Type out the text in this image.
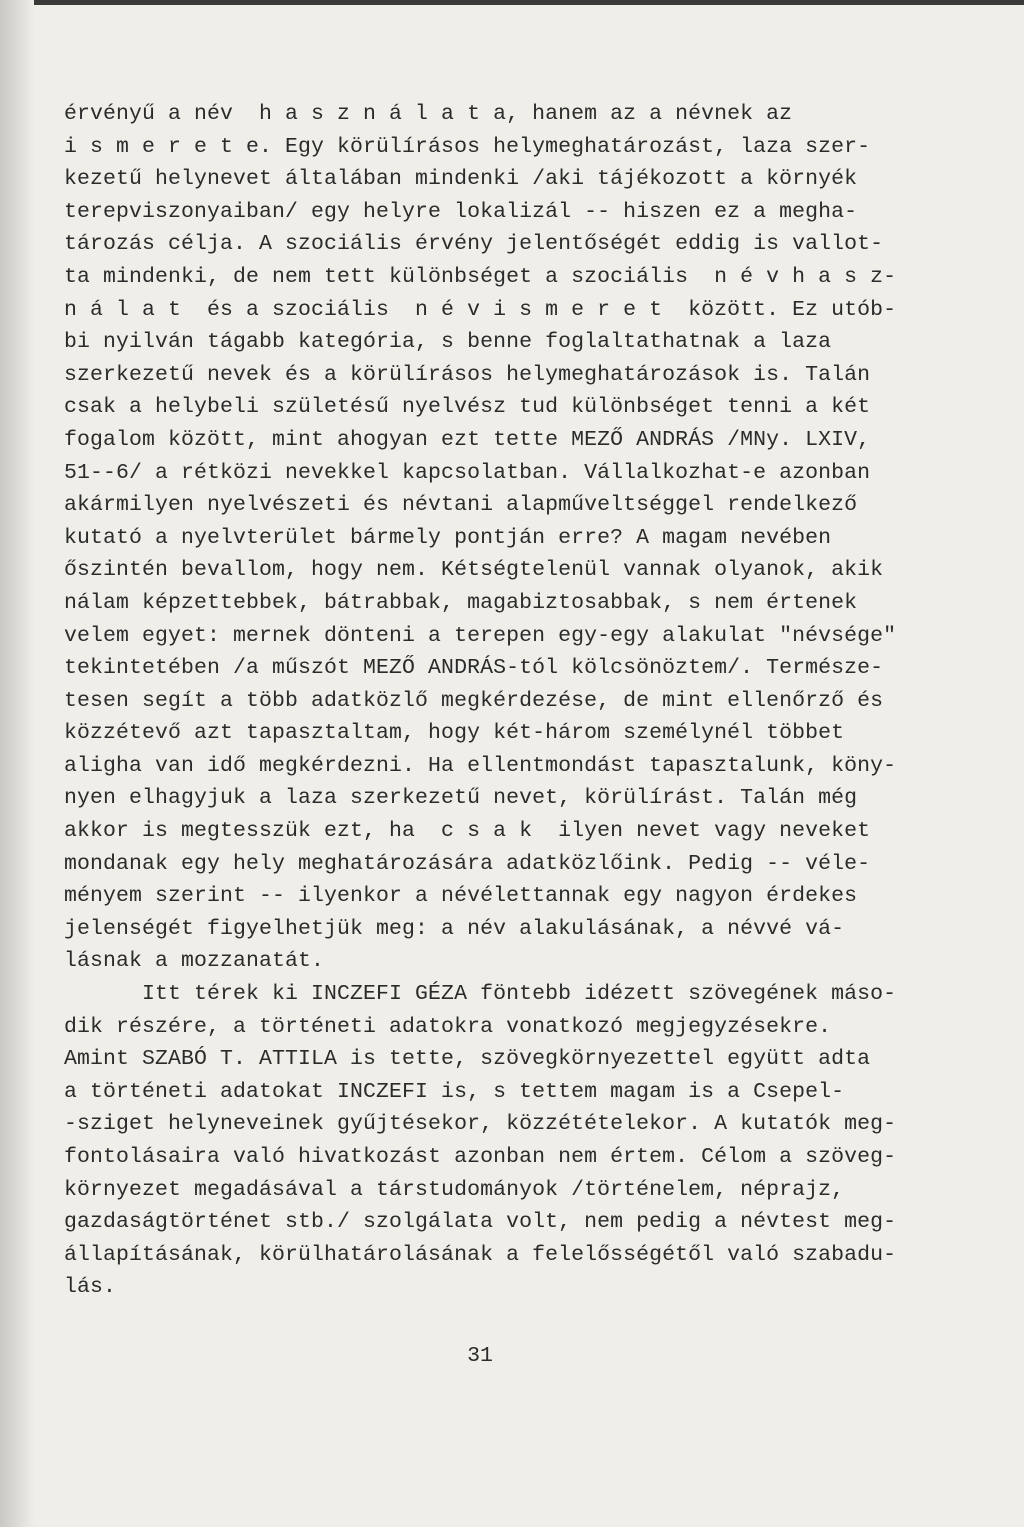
érvényű a név  h a s z n á l a t a, hanem az a névnek az
i s m e r e t e. Egy körülírásos helymeghatározást, laza szer-
kezetű helynevet általában mindenki /aki tájékozott a környék
terepviszonyaiban/ egy helyre lokalizál -- hiszen ez a megha-
tározás célja. A szociális érvény jelentőségét eddig is vallot-
ta mindenki, de nem tett különbséget a szociális  n é v h a s z-
n á l a t  és a szociális  n é v i s m e r e t  között. Ez utób-
bi nyilván tágabb kategória, s benne foglaltathatnak a laza
szerkezetű nevek és a körülírásos helymeghatározások is. Talán
csak a helybeli születésű nyelvész tud különbséget tenni a két
fogalom között, mint ahogyan ezt tette MEZŐ ANDRÁS /MNy. LXIV,
51--6/ a rétközi nevekkel kapcsolatban. Vállalkozhat-e azonban
akármilyen nyelvészeti és névtani alapműveltséggel rendelkező
kutató a nyelvterület bármely pontján erre? A magam nevében
őszintén bevallom, hogy nem. Kétségtelenül vannak olyanok, akik
nálam képzettebbek, bátrabbak, magabiztosabbak, s nem értenek
velem egyet: mernek dönteni a terepen egy-egy alakulat "névsége"
tekintetében /a műszót MEZŐ ANDRÁS-tól kölcsönöztem/. Természe-
tesen segít a több adatközlő megkérdezése, de mint ellenőrző és
közzétevő azt tapasztaltam, hogy két-három személynél többet
aligha van idő megkérdezni. Ha ellentmondást tapasztalunk, köny-
nyen elhagyjuk a laza szerkezetű nevet, körülírást. Talán még
akkor is megtesszük ezt, ha  c s a k  ilyen nevet vagy neveket
mondanak egy hely meghatározására adatközlőink. Pedig -- véle-
ményem szerint -- ilyenkor a névélettannak egy nagyon érdekes
jelenségét figyelhetjük meg: a név alakulásának, a névvé vá-
lásnak a mozzanatát.
Itt térek ki INCZEFI GÉZA föntebb idézett szövegének máso-
dik részére, a történeti adatokra vonatkozó megjegyzésekre.
Amint SZABÓ T. ATTILA is tette, szövegkörnyezettel együtt adta
a történeti adatokat INCZEFI is, s tettem magam is a Csepel-
-sziget helyneveinek gyűjtésekor, közzétételekor. A kutatók meg-
fontolásaira való hivatkozást azonban nem értem. Célom a szöveg-
környezet megadásával a társtudományok /történelem, néprajz,
gazdaságtörténet stb./ szolgálata volt, nem pedig a névtest meg-
állapításának, körülhatárolásának a felelősségétől való szabadu-
lás.
31
